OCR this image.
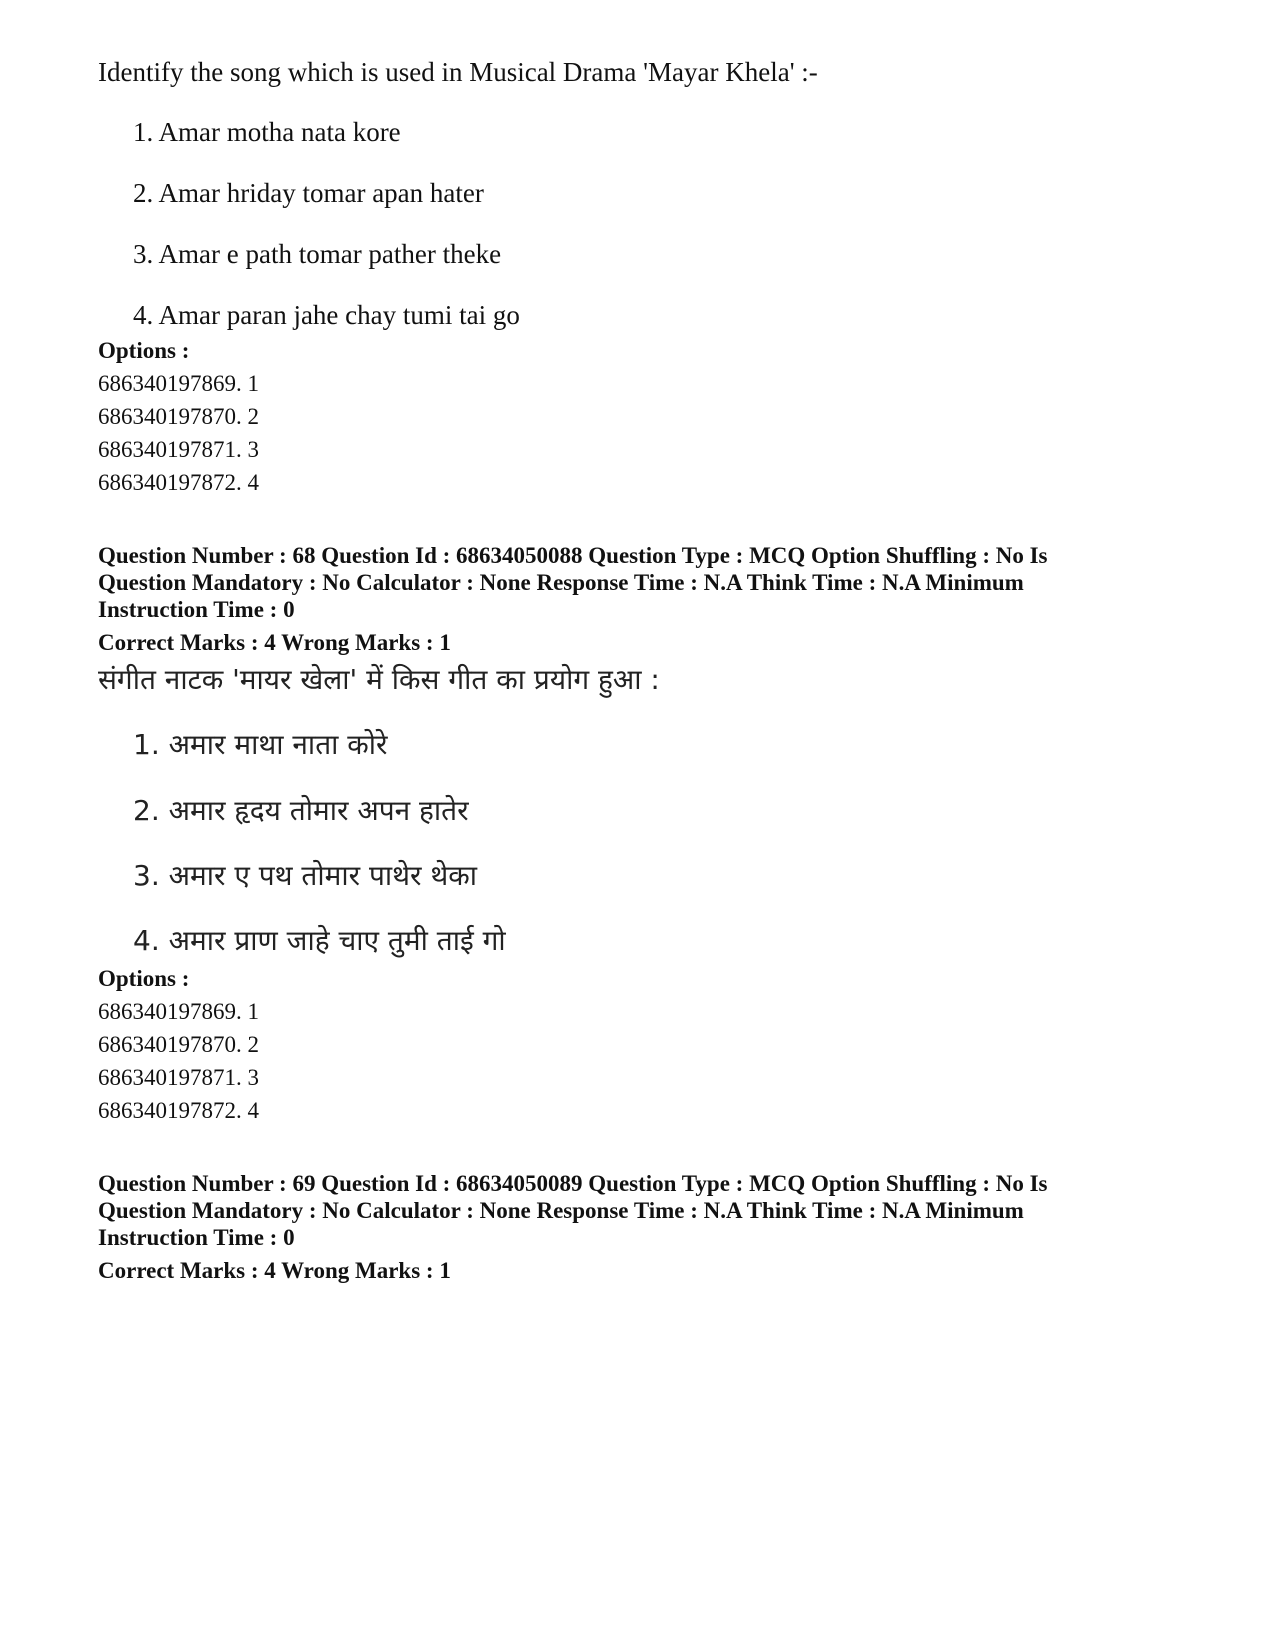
Identify the song which is used in Musical Drama 'Mayar Khela' :-
1. Amar motha nata kore
2. Amar hriday tomar apan hater
3. Amar e path tomar pather theke
4. Amar paran jahe chay tumi tai go
Options :
686340197869. 1
686340197870. 2
686340197871. 3
686340197872. 4
Question Number : 68 Question Id : 68634050088 Question Type : MCQ Option Shuffling : No Is
Question Mandatory : No Calculator : None Response Time : N.A Think Time : N.A Minimum
Instruction Time : 0
Correct Marks : 4 Wrong Marks : 1
संगीत नाटक 'मायर खेला' में किस गीत का प्रयोग हुआ :
1. अमार माथा नाता कोरे
2. अमार हृदय तोमार अपन हातेर
3. अमार ए पथ तोमार पाथेर थेका
4. अमार प्राण जाहे चाए तुमी ताई गो
Options :
686340197869. 1
686340197870. 2
686340197871. 3
686340197872. 4
Question Number : 69 Question Id : 68634050089 Question Type : MCQ Option Shuffling : No Is
Question Mandatory : No Calculator : None Response Time : N.A Think Time : N.A Minimum
Instruction Time : 0
Correct Marks : 4 Wrong Marks : 1
